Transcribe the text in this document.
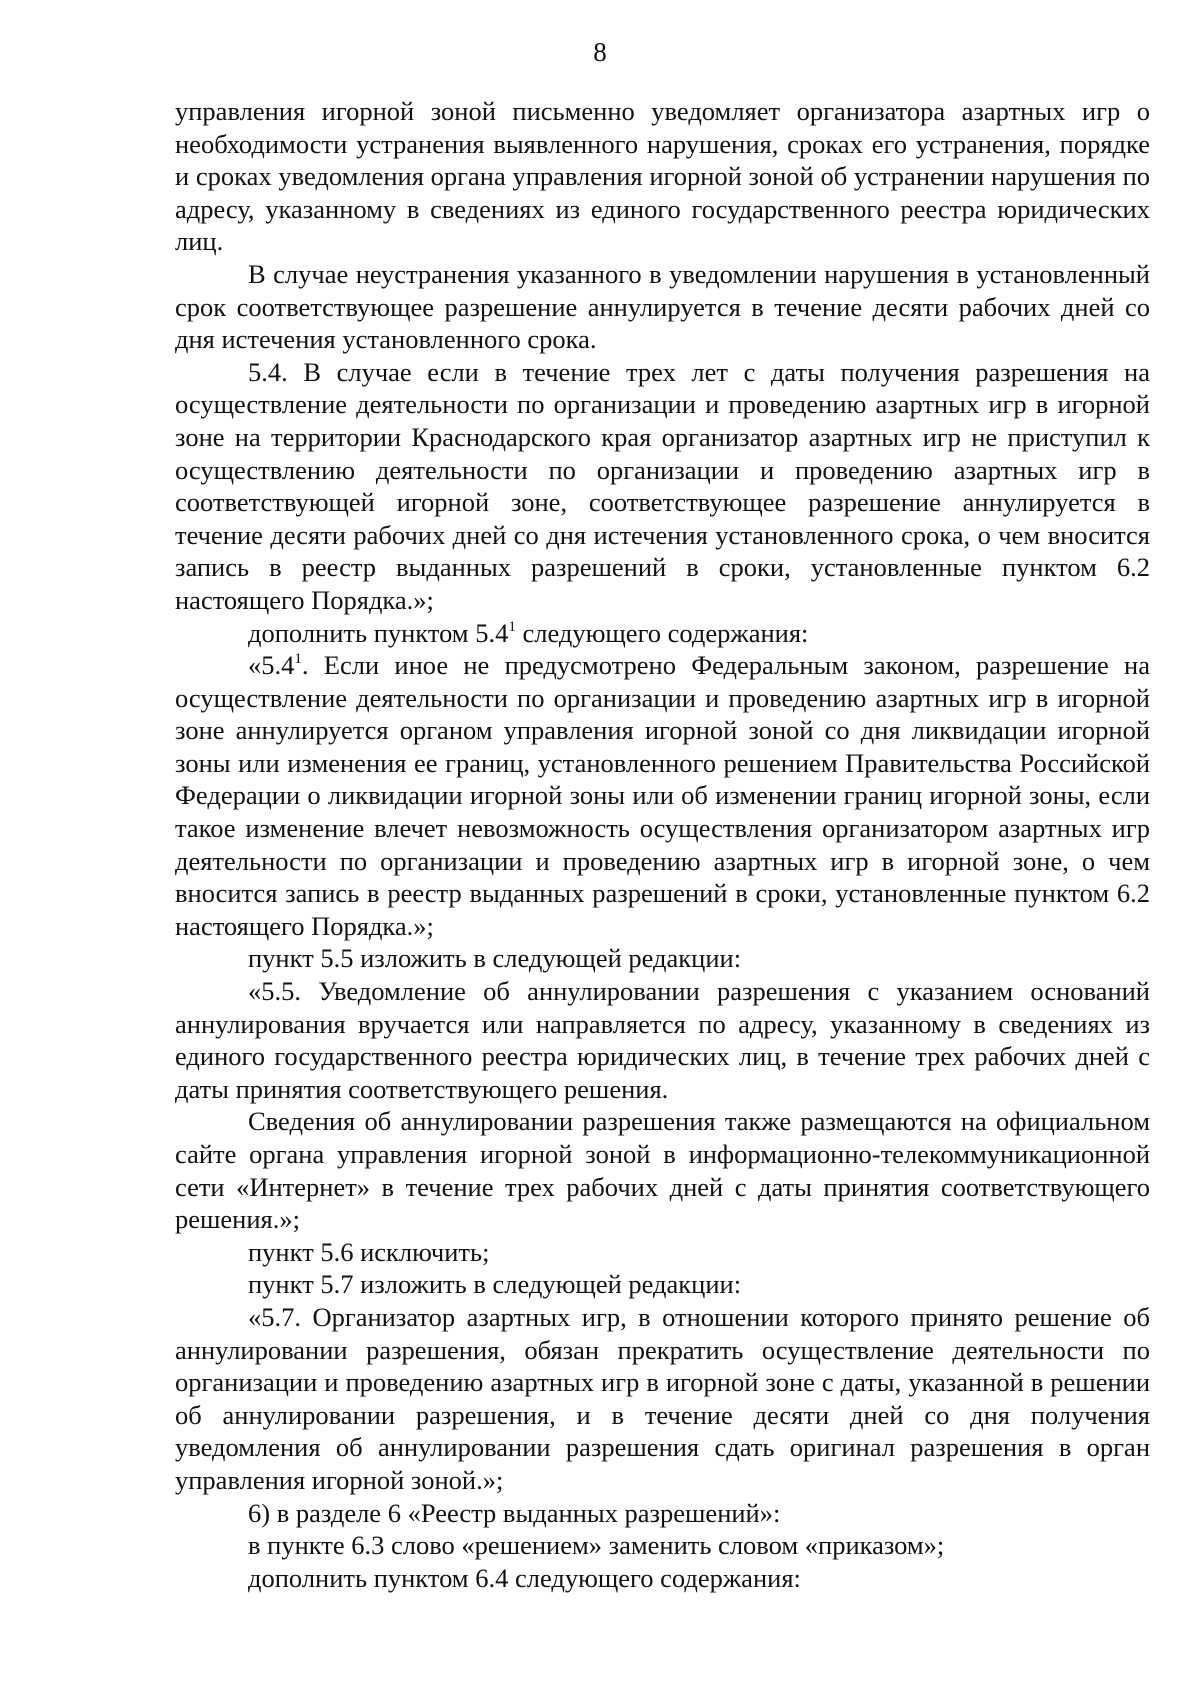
8

управления игорной зоной письменно уведомляет организатора азартных игр о необходимости устранения выявленного нарушения, сроках его устранения, порядке и сроках уведомления органа управления игорной зоной об устранении нарушения по адресу, указанному в сведениях из единого государственного реестра юридических лиц.

В случае неустранения указанного в уведомлении нарушения в установленный срок соответствующее разрешение аннулируется в течение десяти рабочих дней со дня истечения установленного срока.

5.4. В случае если в течение трех лет с даты получения разрешения на осуществление деятельности по организации и проведению азартных игр в игорной зоне на территории Краснодарского края организатор азартных игр не приступил к осуществлению деятельности по организации и проведению азартных игр в соответствующей игорной зоне, соответствующее разрешение аннулируется в течение десяти рабочих дней со дня истечения установленного срока, о чем вносится запись в реестр выданных разрешений в сроки, установленные пунктом 6.2 настоящего Порядка.»;

дополнить пунктом $5.4^1$ следующего содержания:

«$5.4^1$. Если иное не предусмотрено Федеральным законом, разрешение на осуществление деятельности по организации и проведению азартных игр в игорной зоне аннулируется органом управления игорной зоной со дня ликвидации игорной зоны или изменения ее границ, установленного решением Правительства Российской Федерации о ликвидации игорной зоны или об изменении границ игорной зоны, если такое изменение влечет невозможность осуществления организатором азартных игр деятельности по организации и проведению азартных игр в игорной зоне, о чем вносится запись в реестр выданных разрешений в сроки, установленные пунктом 6.2 настоящего Порядка.»;

пункт 5.5 изложить в следующей редакции:

«5.5. Уведомление об аннулировании разрешения с указанием оснований аннулирования вручается или направляется по адресу, указанному в сведениях из единого государственного реестра юридических лиц, в течение трех рабочих дней с даты принятия соответствующего решения.

Сведения об аннулировании разрешения также размещаются на официальном сайте органа управления игорной зоной в информационно-телекоммуникационной сети «Интернет» в течение трех рабочих дней с даты принятия соответствующего решения.»;

пункт 5.6 исключить;

пункт 5.7 изложить в следующей редакции:

«5.7. Организатор азартных игр, в отношении которого принято решение об аннулировании разрешения, обязан прекратить осуществление деятельности по организации и проведению азартных игр в игорной зоне с даты, указанной в решении об аннулировании разрешения, и в течение десяти дней со дня получения уведомления об аннулировании разрешения сдать оригинал разрешения в орган управления игорной зоной.»;

6) в разделе 6 «Реестр выданных разрешений»:

в пункте 6.3 слово «решением» заменить словом «приказом»;

дополнить пунктом 6.4 следующего содержания:
